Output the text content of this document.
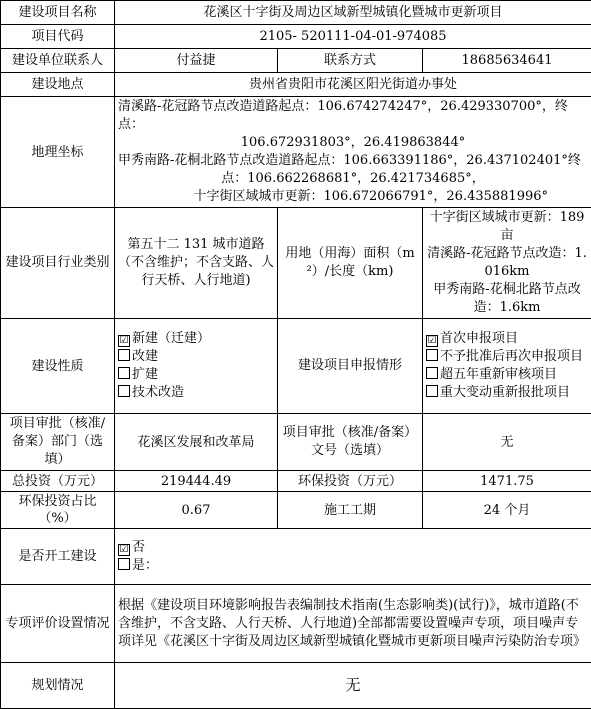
建设项目名称	花溪区十字街及周边区域新型城镇化暨城市更新项目		
项目代码	2105- 520111-04-01-974085		
建设单位联系人	付益捷	联系方式	18685634641
建设地点	贵州省贵阳市花溪区阳光街道办事处		
地理坐标	清溪路-花冠路节点改造道路起点：106.674274247°，26.429330700°，终点：
106.672931803°，26.419863844°
甲秀南路-花桐北路节点改造道路起点：106.663391186°，26.437102401°终
点：106.662268681°，26.421734685°，
十字街区域城市更新：106.672066791°，26.435881996°		

建设项目行业类别	第五十二 131 城市道路（不含维护；不含支路、人行天桥、人行地道)	用地（用海）面积（m²）/长度（km)	十字街区域城市更新：189亩
清溪路-花冠路节点改造：1.016km
甲秀南路-花桐北路节点改造：1.6km

建设性质	☑ 新建（迁建）
改建
扩建
技术改造	建设项目申报情形	☑ 首次申报项目
不予批准后再次申报项目
超五年重新审核项目
重大变动重新报批项目

项目审批（核准/备案）部门（选填）	花溪区发展和改革局	项目审批（核准/备案）文号（选填）	无
总投资（万元）	219444.49	环保投资（万元）	1471.75
环保投资占比（%）	0.67	施工工期	24 个月
是否开工建设	☑ 否
是：		

专项评价设置情况	根据《建设项目环境影响报告表编制技术指南(生态影响类)(试行)》，城市道路(不含维护，不含支路、人行天桥、人行地道)全部都需要设置噪声专项，项目噪声专项详见《花溪区十字街及周边区域新型城镇化暨城市更新项目噪声污染防治专项》		
规划情况	无		
